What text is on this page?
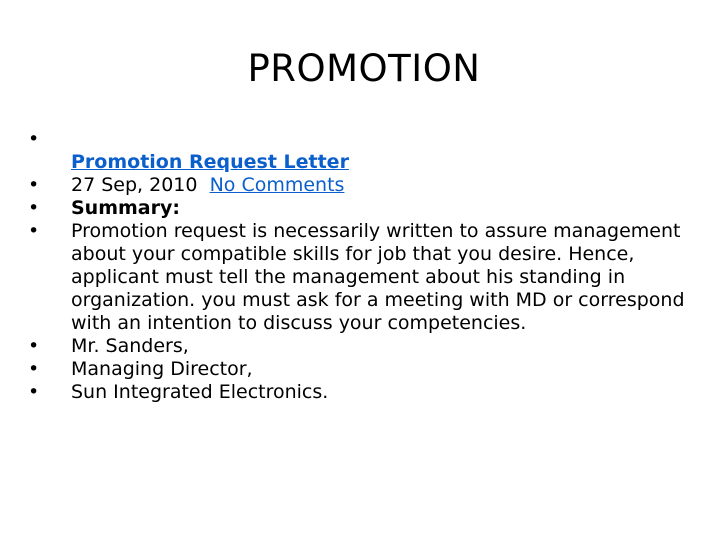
PROMOTION
•
Promotion Request Letter
• 27 Sep, 2010 No Comments
• Summary:
• Promotion request is necessarily written to assure management about your compatible skills for job that you desire. Hence, applicant must tell the management about his standing in organization. you must ask for a meeting with MD or correspond with an intention to discuss your competencies.
• Mr. Sanders,
• Managing Director,
• Sun Integrated Electronics.
